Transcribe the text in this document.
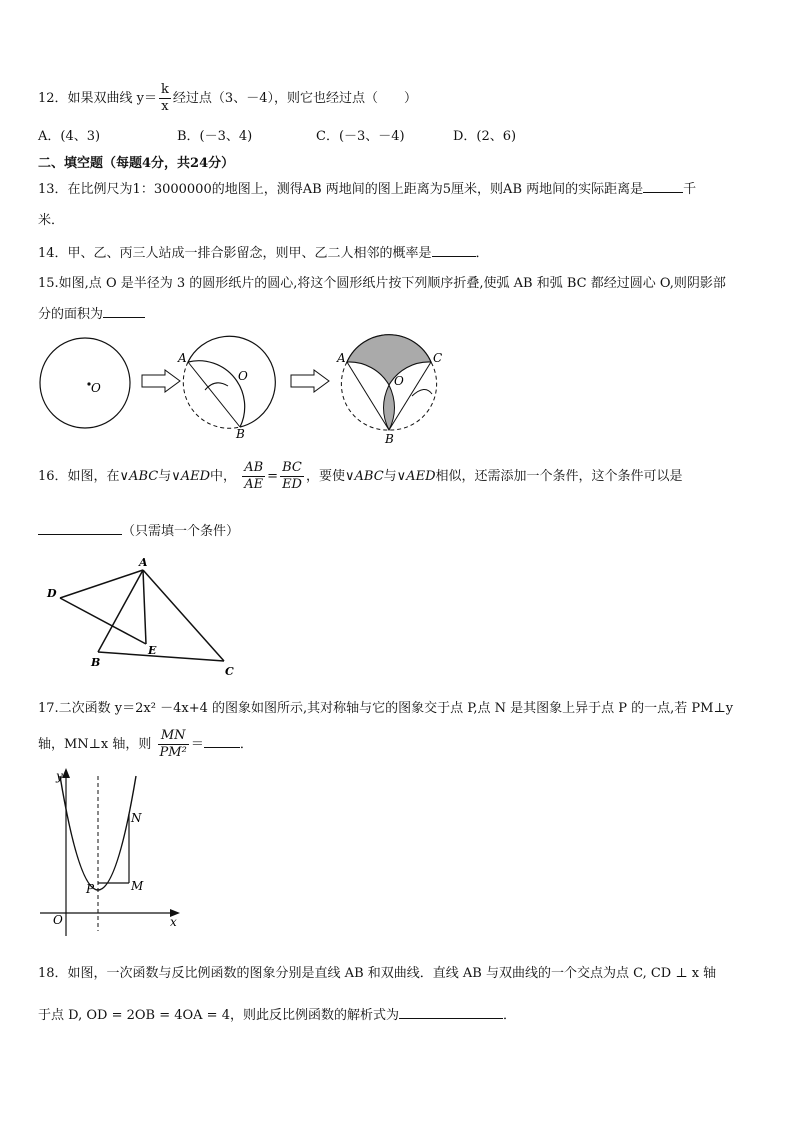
12．如果双曲线 $y= \frac{k}{x}$ 经过点（3、－4），则它也经过点（　　）
A．(4、3)	B．(－3、4)	C．(－3、－4)	D．(2、6)
二、填空题（每题4分，共24分）
13．在比例尺为1：3000000的地图上，测得AB 两地间的图上距离为5厘米，则AB 两地间的实际距离是	千
米．
14．甲、乙、丙三人站成一排合影留念，则甲、乙二人相邻的概率是	．
15.如图,点 O 是半径为 3 的圆形纸片的圆心,将这个圆形纸片按下列顺序折叠,使弧 AB 和弧 BC 都经过圆心 O,则阴影部
分的面积为
O
A
O
B
A	C
O
B
16．如图，在∨ABC与∨AED中， $\frac{AB}{AE} = \frac{BC}{ED}$ ，要使∨ABC与∨AED相似，还需添加一个条件，这个条件可以是
（只需填一个条件）
A
D
E
B
C
17.二次函数 y＝2x² －4x+4 的图象如图所示,其对称轴与它的图象交于点 P,点 N 是其图象上异于点 P 的一点,若 PM⊥y
轴，MN⊥x 轴，则 $\frac{MN}{\text{PM²}}$ ＝	．
y
x
O
P	M
N
18．如图，一次函数与反比例函数的图象分别是直线 AB 和双曲线．直线 AB 与双曲线的一个交点为点 C, CD ⊥ x 轴
于点 D, OD = 2OB = 4OA = 4，则此反比例函数的解析式为	．
